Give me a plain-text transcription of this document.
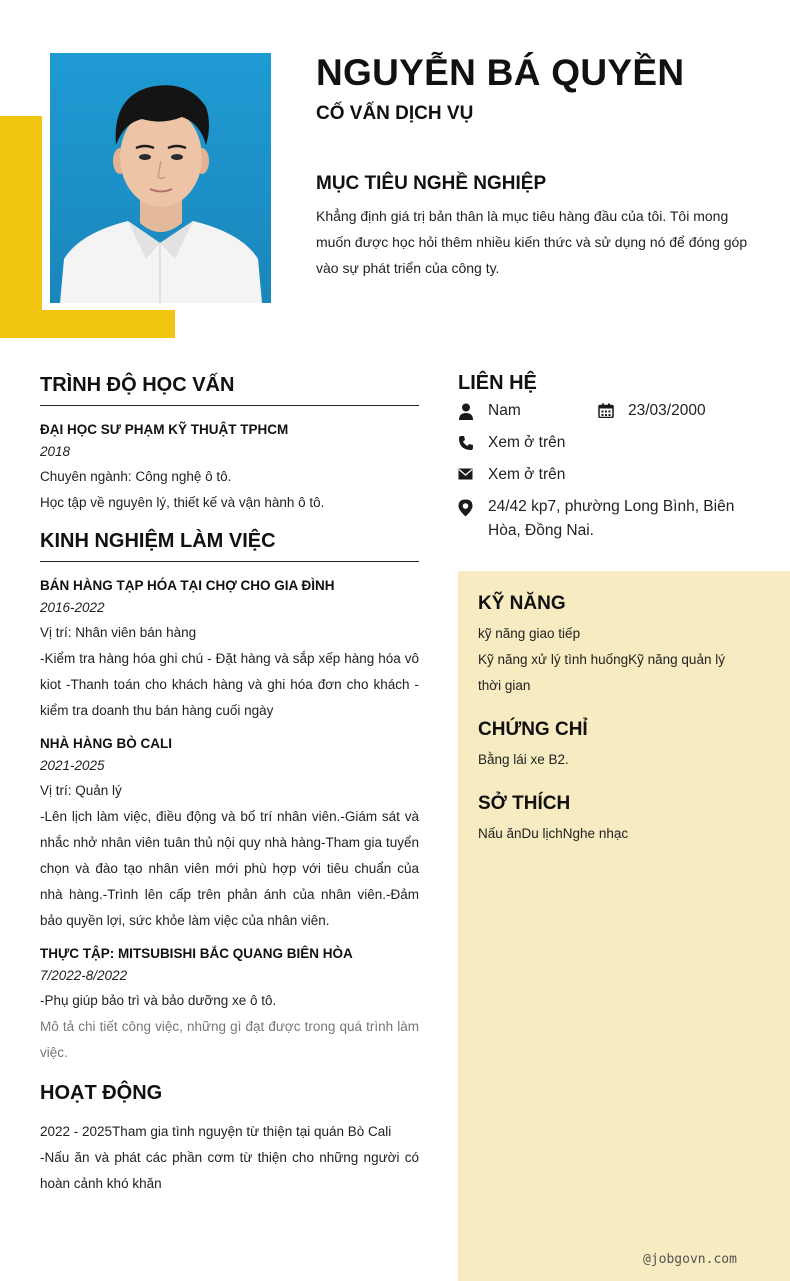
NGUYỄN BÁ QUYỀN
CỐ VẤN DỊCH VỤ
MỤC TIÊU NGHỀ NGHIỆP
Khẳng định giá trị bản thân là mục tiêu hàng đầu của tôi. Tôi mong muốn được học hỏi thêm nhiều kiến thức và sử dụng nó để đóng góp vào sự phát triển của công ty.
TRÌNH ĐỘ HỌC VẤN
ĐẠI HỌC SƯ PHẠM KỸ THUẬT TPHCM
2018
Chuyên ngành: Công nghệ ô tô.
Học tập về nguyên lý, thiết kế và vận hành ô tô.
KINH NGHIỆM LÀM VIỆC
BÁN HÀNG TẠP HÓA TẠI CHỢ CHO GIA ĐÌNH
2016-2022
Vị trí: Nhân viên bán hàng
-Kiểm tra hàng hóa ghi chú - Đặt hàng và sắp xếp hàng hóa vô kiot -Thanh toán cho khách hàng và ghi hóa đơn cho khách - kiểm tra doanh thu bán hàng cuối ngày
NHÀ HÀNG BÒ CALI
2021-2025
Vị trí: Quản lý
-Lên lịch làm việc, điều động và bố trí nhân viên.-Giám sát và nhắc nhở nhân viên tuân thủ nội quy nhà hàng-Tham gia tuyển chọn và đào tạo nhân viên mới phù hợp với tiêu chuẩn của nhà hàng.-Trình lên cấp trên phản ánh của nhân viên.-Đảm bảo quyền lợi, sức khỏe làm việc của nhân viên.
THỰC TẬP: MITSUBISHI BẮC QUANG BIÊN HÒA
7/2022-8/2022
-Phụ giúp bảo trì và bảo dưỡng xe ô tô.
Mô tả chi tiết công việc, những gì đạt được trong quá trình làm việc.
HOẠT ĐỘNG
2022 - 2025Tham gia tình nguyện từ thiện tại quán Bò Cali
-Nấu ăn và phát các phần cơm từ thiện cho những người có hoàn cảnh khó khăn
LIÊN HỆ
Nam	23/03/2000
Xem ở trên
Xem ở trên
24/42 kp7, phường Long Bình, Biên Hòa, Đồng Nai.
KỸ NĂNG
kỹ năng giao tiếp
Kỹ năng xử lý tình huốngKỹ năng quản lý thời gian
CHỨNG CHỈ
Bằng lái xe B2.
SỞ THÍCH
Nấu ănDu lịchNghe nhạc
@jobgovn.com
